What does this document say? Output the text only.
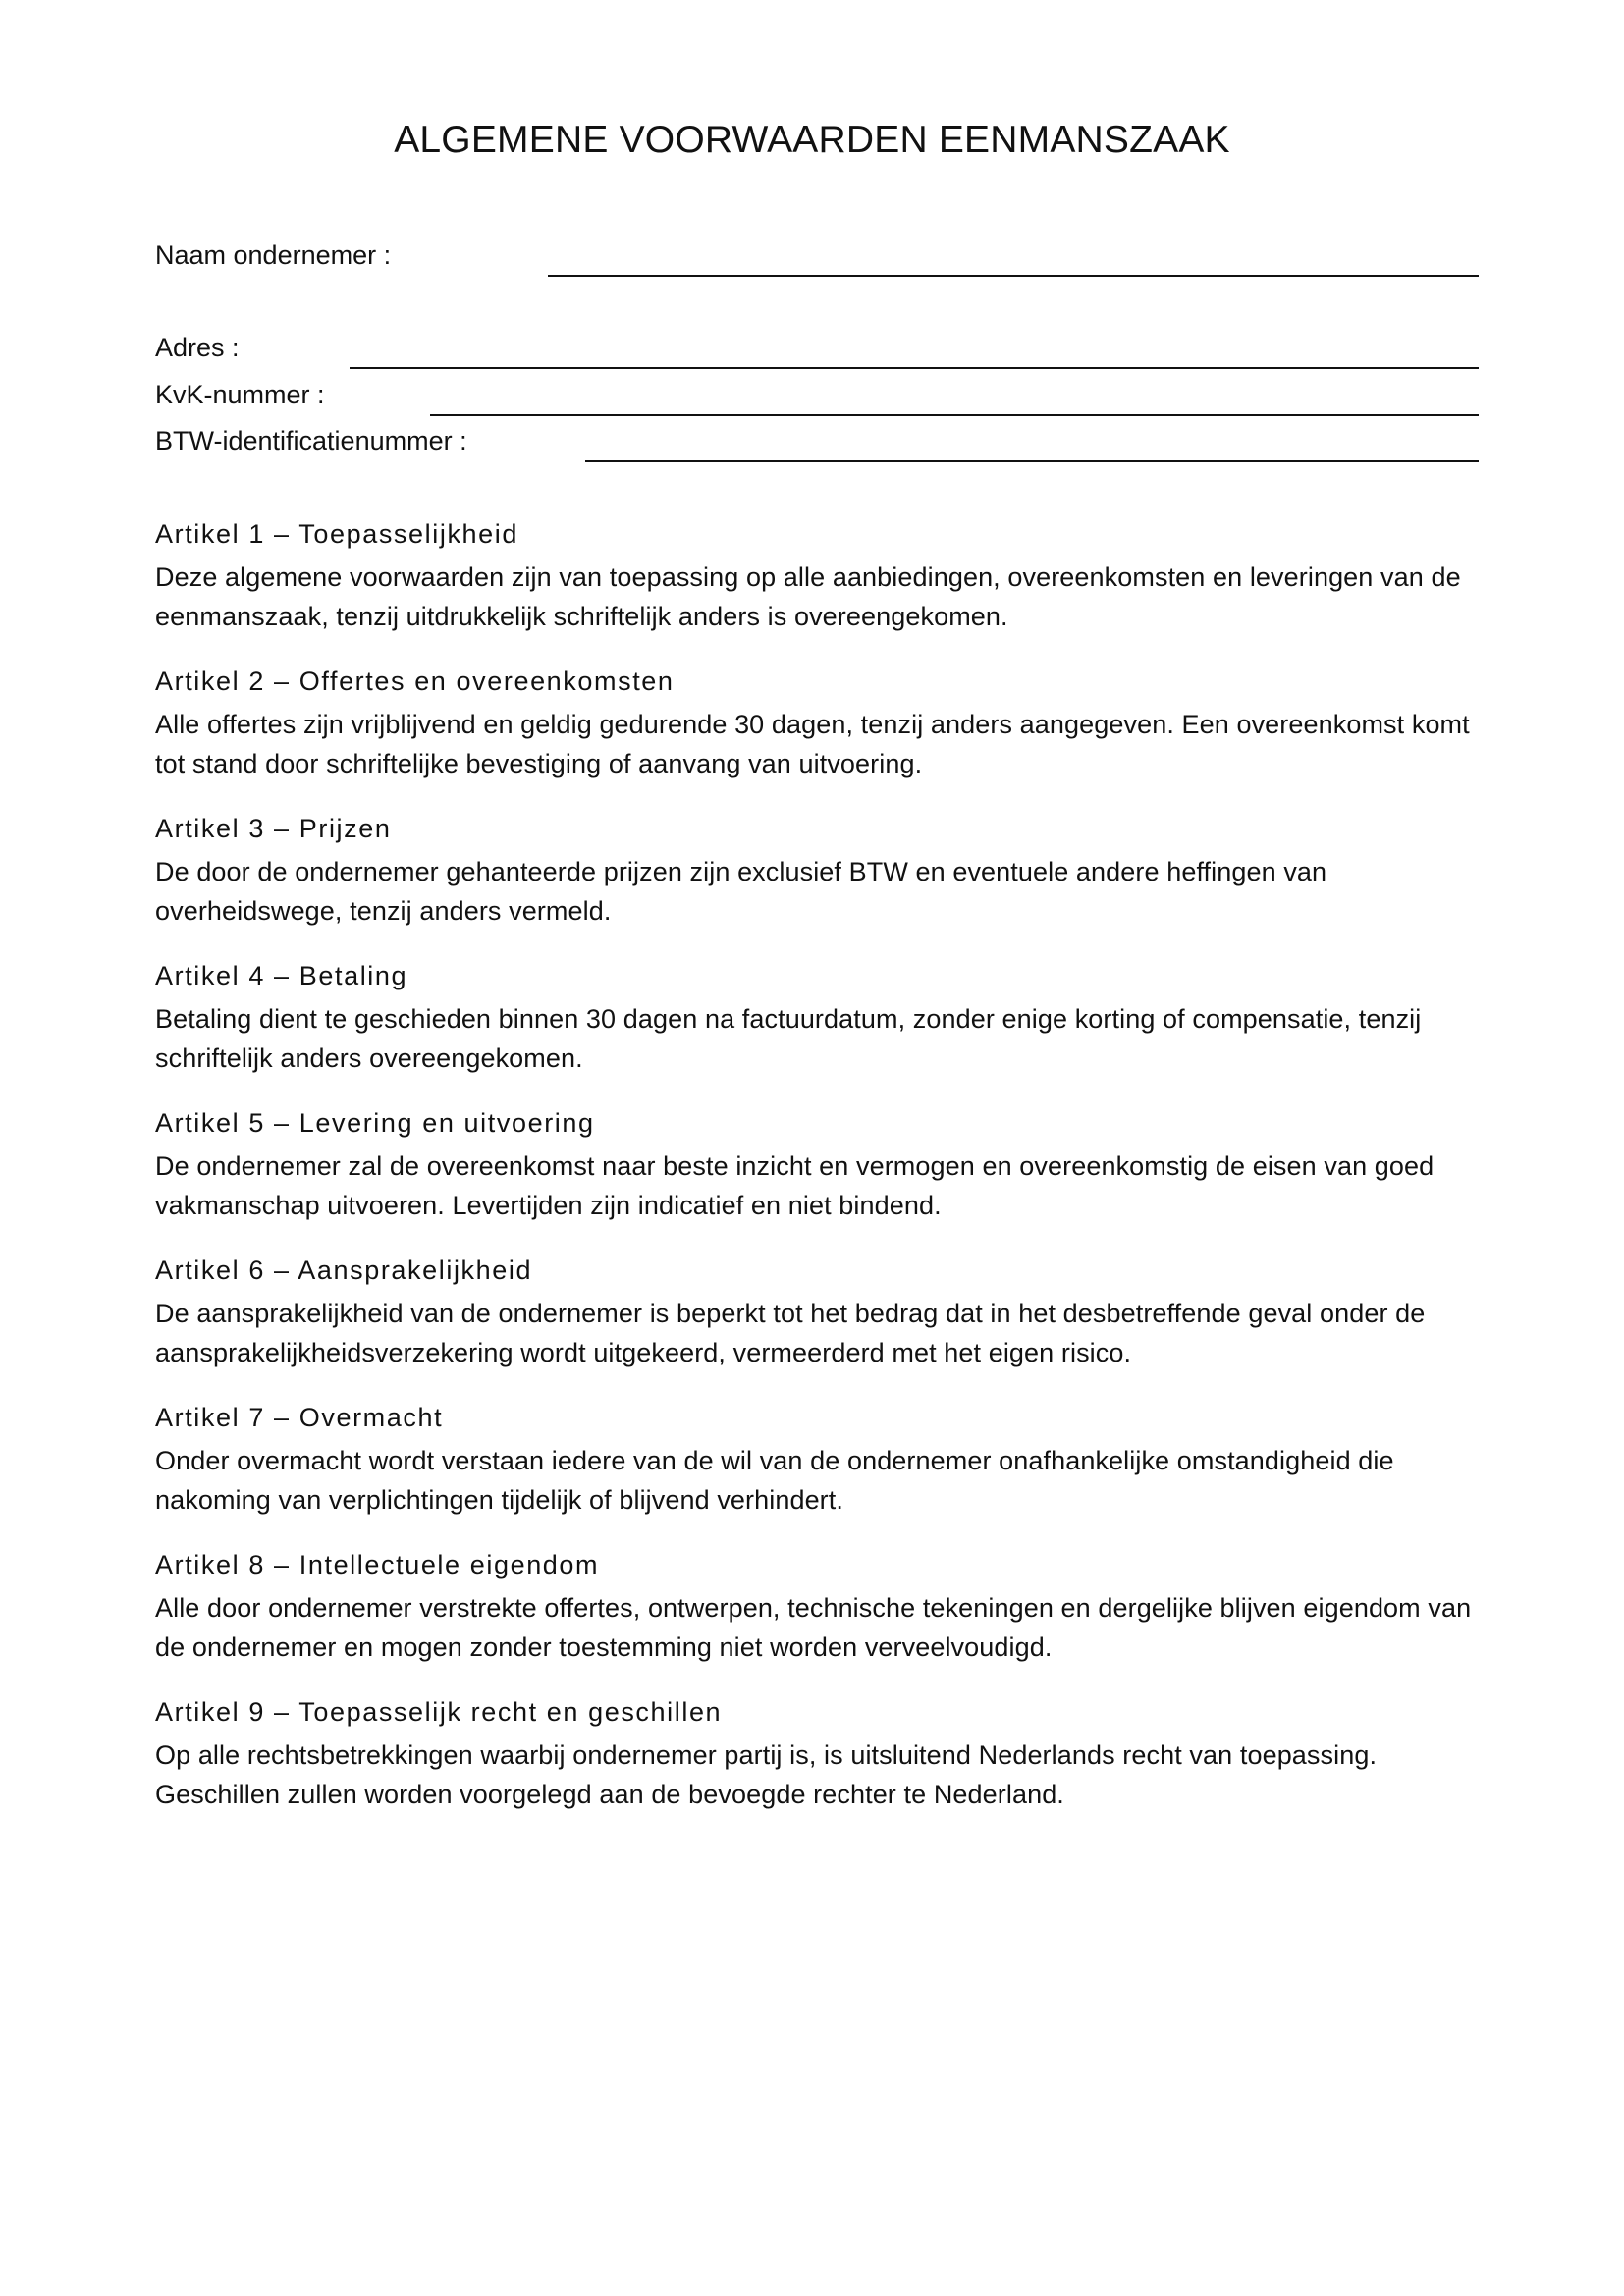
ALGEMENE VOORWAARDEN EENMANSZAAK
Naam ondernemer :
Adres :
KvK-nummer :
BTW-identificatienummer :
Artikel 1 – Toepasselijkheid

Deze algemene voorwaarden zijn van toepassing op alle aanbiedingen, overeenkomsten en leveringen van de eenmanszaak, tenzij uitdrukkelijk schriftelijk anders is overeengekomen.

Artikel 2 – Offertes en overeenkomsten

Alle offertes zijn vrijblijvend en geldig gedurende 30 dagen, tenzij anders aangegeven. Een overeenkomst komt tot stand door schriftelijke bevestiging of aanvang van uitvoering.

Artikel 3 – Prijzen

De door de ondernemer gehanteerde prijzen zijn exclusief BTW en eventuele andere heffingen van overheidswege, tenzij anders vermeld.

Artikel 4 – Betaling

Betaling dient te geschieden binnen 30 dagen na factuurdatum, zonder enige korting of compensatie, tenzij schriftelijk anders overeengekomen.

Artikel 5 – Levering en uitvoering

De ondernemer zal de overeenkomst naar beste inzicht en vermogen en overeenkomstig de eisen van goed vakmanschap uitvoeren. Levertijden zijn indicatief en niet bindend.

Artikel 6 – Aansprakelijkheid

De aansprakelijkheid van de ondernemer is beperkt tot het bedrag dat in het desbetreffende geval onder de aansprakelijkheidsverzekering wordt uitgekeerd, vermeerderd met het eigen risico.

Artikel 7 – Overmacht

Onder overmacht wordt verstaan iedere van de wil van de ondernemer onafhankelijke omstandigheid die nakoming van verplichtingen tijdelijk of blijvend verhindert.

Artikel 8 – Intellectuele eigendom

Alle door ondernemer verstrekte offertes, ontwerpen, technische tekeningen en dergelijke blijven eigendom van de ondernemer en mogen zonder toestemming niet worden verveelvoudigd.

Artikel 9 – Toepasselijk recht en geschillen

Op alle rechtsbetrekkingen waarbij ondernemer partij is, is uitsluitend Nederlands recht van toepassing. Geschillen zullen worden voorgelegd aan de bevoegde rechter te Nederland.
